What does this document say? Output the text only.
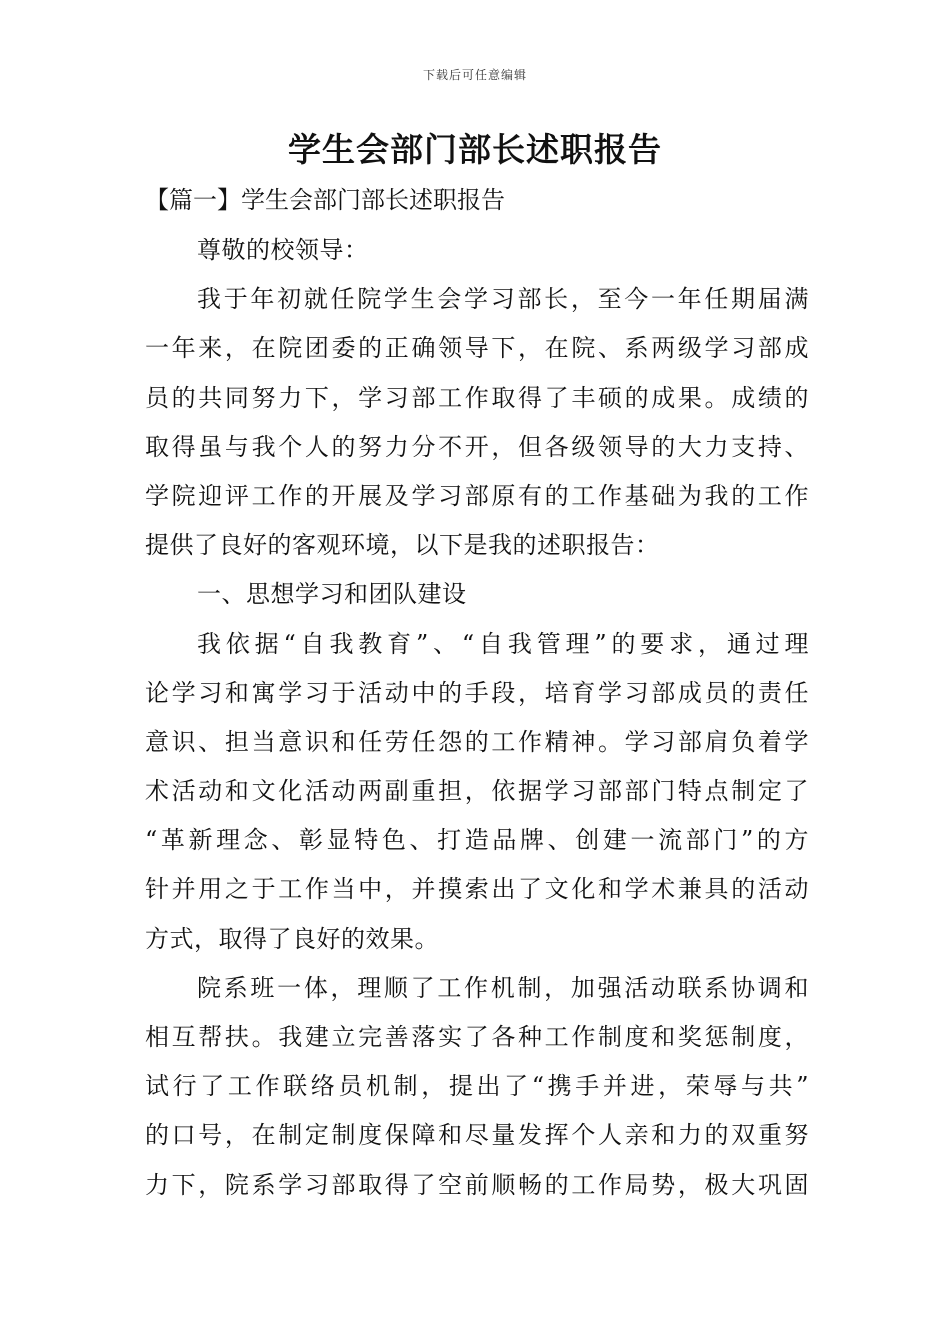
下载后可任意编辑
学生会部门部长述职报告
【篇一】学生会部门部长述职报告
尊敬的校领导：
我于年初就任院学生会学习部长，至今一年任期届满
一年来，在院团委的正确领导下，在院、系两级学习部成
员的共同努力下，学习部工作取得了丰硕的成果。成绩的
取得虽与我个人的努力分不开，但各级领导的大力支持、
学院迎评工作的开展及学习部原有的工作基础为我的工作
提供了良好的客观环境，以下是我的述职报告：
一、思想学习和团队建设
我依据“自我教育”、“自我管理”的要求，通过理
论学习和寓学习于活动中的手段，培育学习部成员的责任
意识、担当意识和任劳任怨的工作精神。学习部肩负着学
术活动和文化活动两副重担，依据学习部部门特点制定了
“革新理念、彰显特色、打造品牌、创建一流部门”的方
针并用之于工作当中，并摸索出了文化和学术兼具的活动
方式，取得了良好的效果。
院系班一体，理顺了工作机制，加强活动联系协调和
相互帮扶。我建立完善落实了各种工作制度和奖惩制度，
试行了工作联络员机制，提出了“携手并进，荣辱与共”
的口号，在制定制度保障和尽量发挥个人亲和力的双重努
力下，院系学习部取得了空前顺畅的工作局势，极大巩固
